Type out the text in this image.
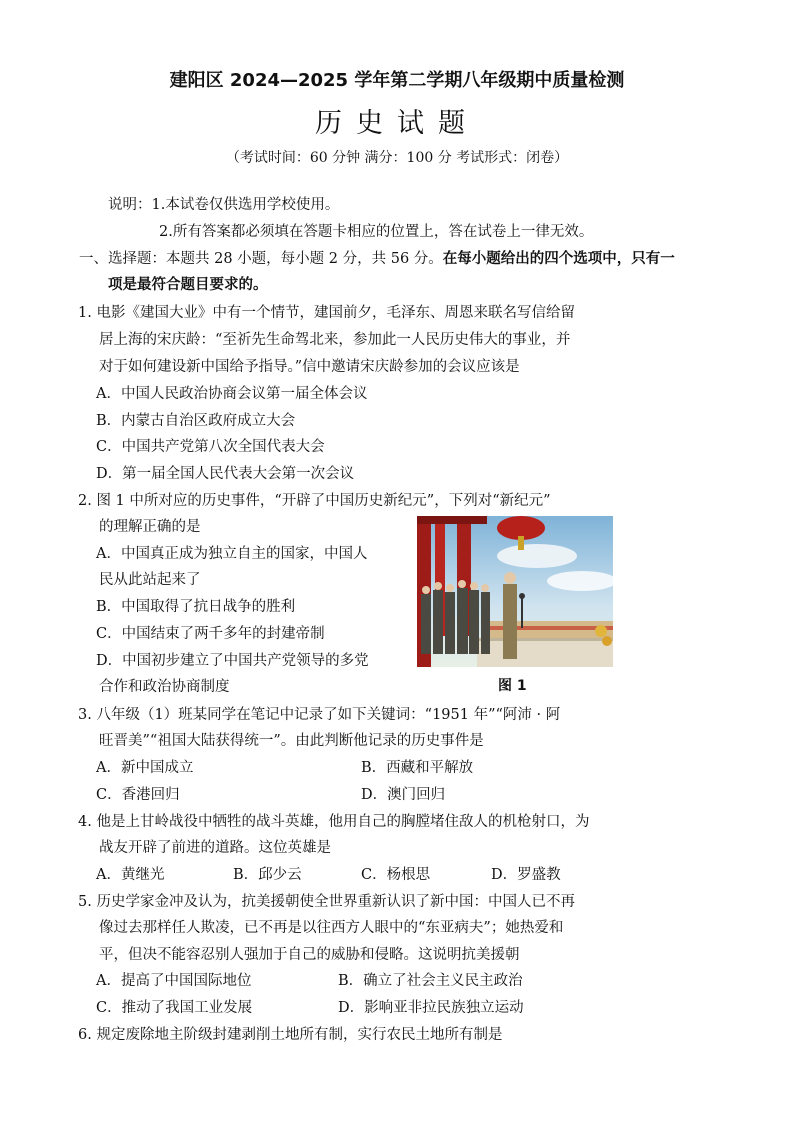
建阳区 2024—2025 学年第二学期八年级期中质量检测
历史试题
（考试时间：60 分钟 满分：100 分 考试形式：闭卷）
说明：1.本试卷仅供选用学校使用。
2.所有答案都必须填在答题卡相应的位置上，答在试卷上一律无效。
一、选择题：本题共 28 小题，每小题 2 分，共 56 分。在每小题给出的四个选项中，只有一
项是最符合题目要求的。
1. 电影《建国大业》中有一个情节，建国前夕，毛泽东、周恩来联名写信给留
居上海的宋庆龄：“至祈先生命驾北来，参加此一人民历史伟大的事业，并
对于如何建设新中国给予指导。”信中邀请宋庆龄参加的会议应该是
A．中国人民政治协商会议第一届全体会议
B．内蒙古自治区政府成立大会
C．中国共产党第八次全国代表大会
D．第一届全国人民代表大会第一次会议
2. 图 1 中所对应的历史事件，“开辟了中国历史新纪元”，下列对“新纪元”
的理解正确的是
A．中国真正成为独立自主的国家，中国人
民从此站起来了
B．中国取得了抗日战争的胜利
C．中国结束了两千多年的封建帝制
D．中国初步建立了中国共产党领导的多党
合作和政治协商制度	图 1
3. 八年级（1）班某同学在笔记中记录了如下关键词：“1951 年”“阿沛 · 阿
旺晋美”“祖国大陆获得统一”。由此判断他记录的历史事件是
A．新中国成立	B．西藏和平解放
C．香港回归	D．澳门回归
4. 他是上甘岭战役中牺牲的战斗英雄，他用自己的胸膛堵住敌人的机枪射口，为
战友开辟了前进的道路。这位英雄是
A．黄继光	B．邱少云	C．杨根思	D．罗盛教
5. 历史学家金冲及认为，抗美援朝使全世界重新认识了新中国：中国人已不再
像过去那样任人欺凌，已不再是以往西方人眼中的“东亚病夫”；她热爱和
平，但决不能容忍别人强加于自己的威胁和侵略。这说明抗美援朝
A．提高了中国国际地位	B．确立了社会主义民主政治
C．推动了我国工业发展	D．影响亚非拉民族独立运动
6. 规定废除地主阶级封建剥削土地所有制，实行农民土地所有制是
